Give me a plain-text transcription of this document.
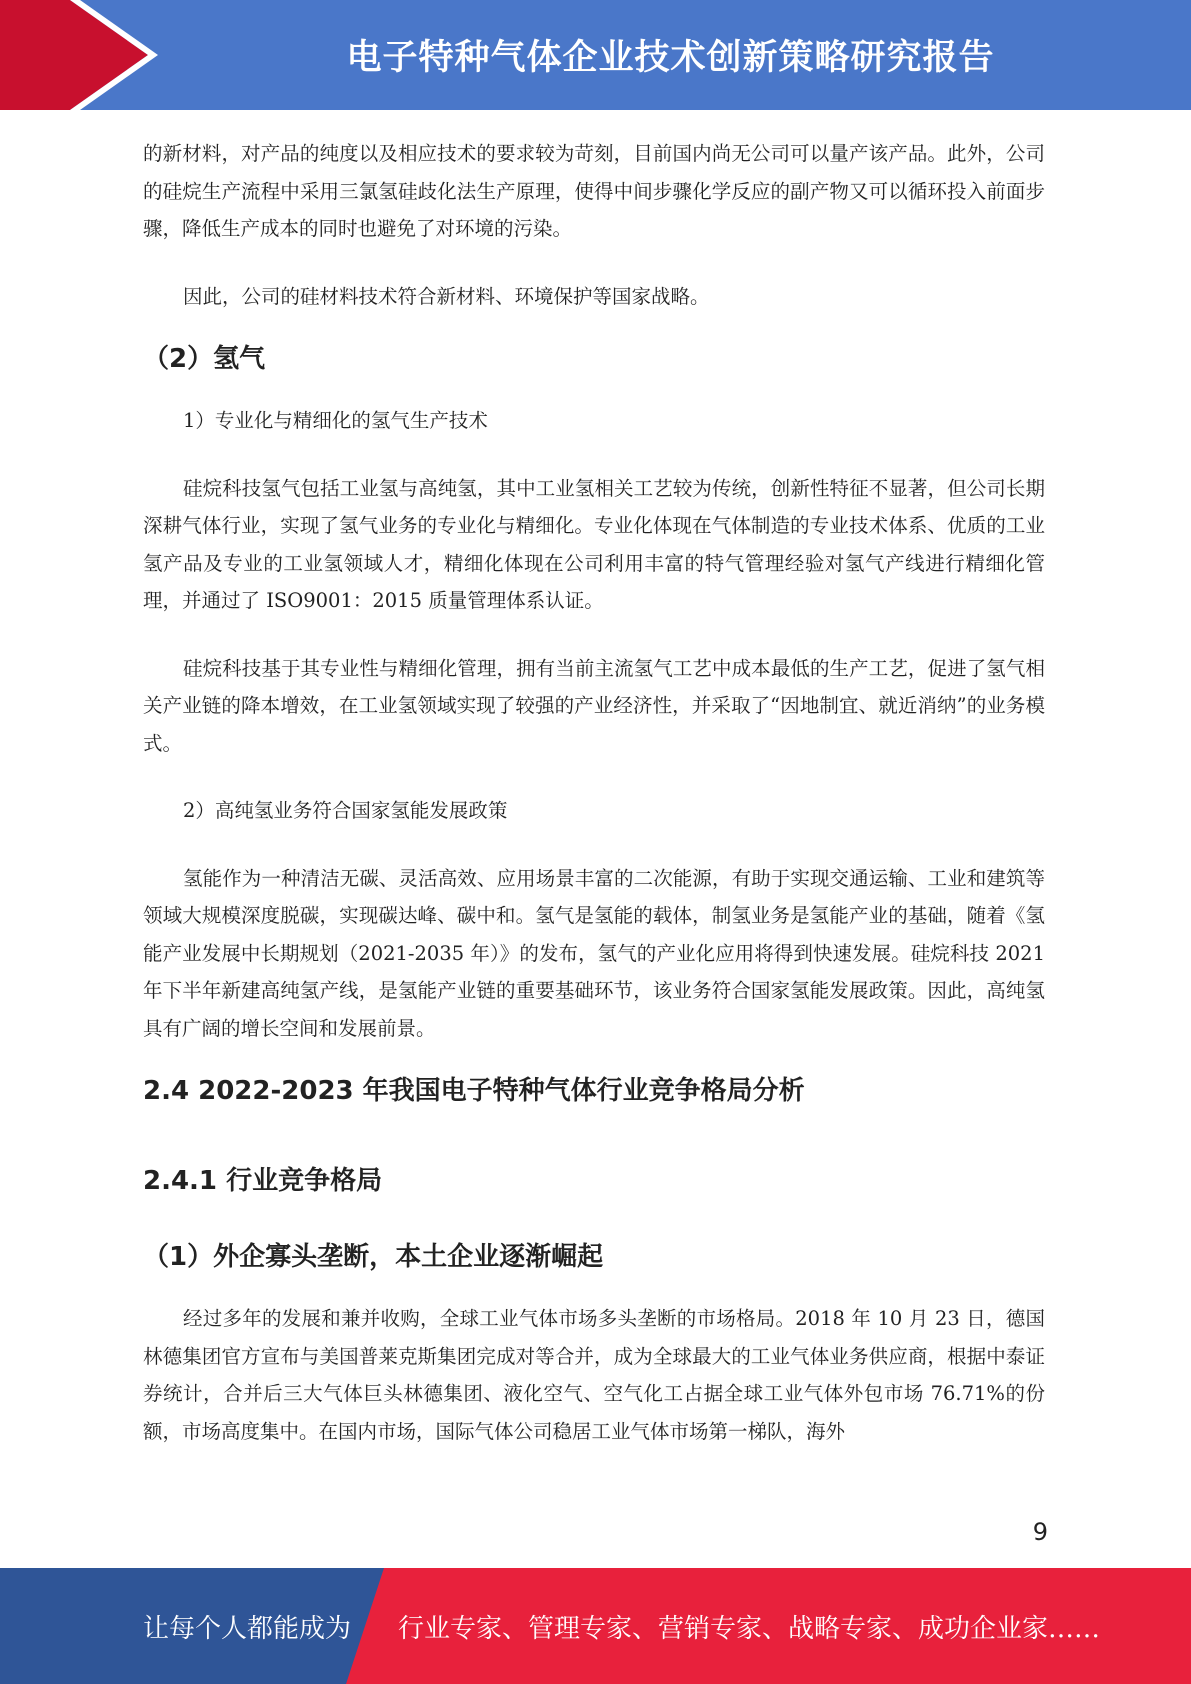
电子特种气体企业技术创新策略研究报告

的新材料，对产品的纯度以及相应技术的要求较为苛刻，目前国内尚无公司可以量产该产品。此外，公司的硅烷生产流程中采用三氯氢硅歧化法生产原理，使得中间步骤化学反应的副产物又可以循环投入前面步骤，降低生产成本的同时也避免了对环境的污染。

因此，公司的硅材料技术符合新材料、环境保护等国家战略。

（2）氢气

1）专业化与精细化的氢气生产技术

硅烷科技氢气包括工业氢与高纯氢，其中工业氢相关工艺较为传统，创新性特征不显著，但公司长期深耕气体行业，实现了氢气业务的专业化与精细化。专业化体现在气体制造的专业技术体系、优质的工业氢产品及专业的工业氢领域人才，精细化体现在公司利用丰富的特气管理经验对氢气产线进行精细化管理，并通过了 ISO9001：2015 质量管理体系认证。

硅烷科技基于其专业性与精细化管理，拥有当前主流氢气工艺中成本最低的生产工艺，促进了氢气相关产业链的降本增效，在工业氢领域实现了较强的产业经济性，并采取了“因地制宜、就近消纳”的业务模式。

2）高纯氢业务符合国家氢能发展政策

氢能作为一种清洁无碳、灵活高效、应用场景丰富的二次能源，有助于实现交通运输、工业和建筑等领域大规模深度脱碳，实现碳达峰、碳中和。氢气是氢能的载体，制氢业务是氢能产业的基础，随着《氢能产业发展中长期规划（2021-2035 年）》的发布，氢气的产业化应用将得到快速发展。硅烷科技 2021 年下半年新建高纯氢产线，是氢能产业链的重要基础环节，该业务符合国家氢能发展政策。因此，高纯氢具有广阔的增长空间和发展前景。

2.4 2022-2023 年我国电子特种气体行业竞争格局分析
2.4.1 行业竞争格局
（1）外企寡头垄断，本土企业逐渐崛起

经过多年的发展和兼并收购，全球工业气体市场多头垄断的市场格局。2018 年 10 月 23 日，德国林德集团官方宣布与美国普莱克斯集团完成对等合并，成为全球最大的工业气体业务供应商，根据中泰证券统计，合并后三大气体巨头林德集团、液化空气、空气化工占据全球工业气体外包市场 76.71%的份额，市场高度集中。在国内市场，国际气体公司稳居工业气体市场第一梯队，海外

9
让每个人都能成为 行业专家、管理专家、营销专家、战略专家、成功企业家……
